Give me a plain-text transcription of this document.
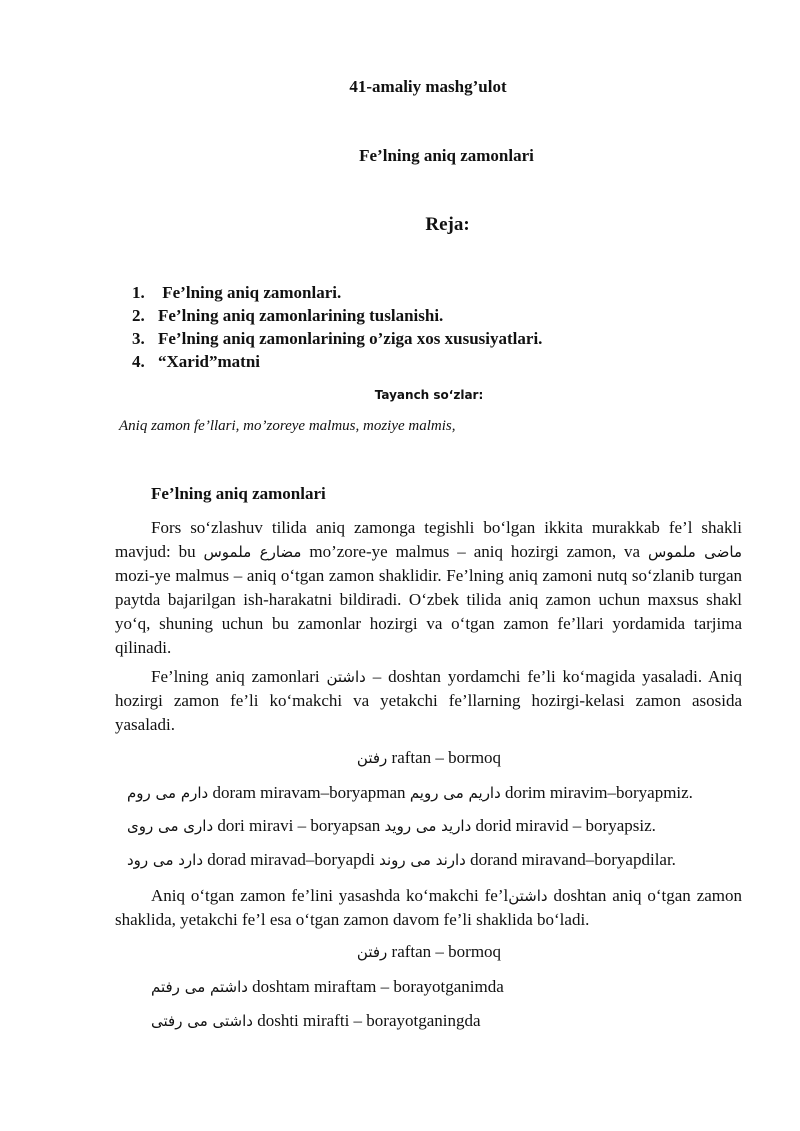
41-amaliy mashg’ulot
Fe’lning aniq zamonlari
Reja:
1. Fe’lning aniq zamonlari.
2. Fe’lning aniq zamonlarining tuslanishi.
3. Fe’lning aniq zamonlarining o’ziga xos xususiyatlari.
4. “Xarid”matni
Tayanch so‘zlar:
Aniq zamon fe’llari, mo’zoreye malmus, moziye malmis,
Fe’lning aniq zamonlari

Fors so‘zlashuv tilida aniq zamonga tegishli bo‘lgan ikkita murakkab fe’l shakli mavjud: bu مضارع ملموس mo’zore-ye malmus – aniq hozirgi zamon, va ماضی ملموس mozi-ye malmus – aniq o‘tgan zamon shaklidir. Fe’lning aniq zamoni nutq so‘zlanib turgan paytda bajarilgan ish-harakatni bildiradi. O‘zbek tilida aniq zamon uchun maxsus shakl yo‘q, shuning uchun bu zamonlar hozirgi va o‘tgan zamon fe’llari yordamida tarjima qilinadi.

Fe’lning aniq zamonlari داشتن – doshtan yordamchi fe’li ko‘magida yasaladi. Aniq hozirgi zamon fe’li ko‘makchi va yetakchi fe’llarning hozirgi-kelasi zamon asosida yasaladi.

رفتن raftan – bormoq
دارم می روم doram miravam–boryapman داریم می رویم dorim miravim–boryapmiz.
داری می روی dori miravi – boryapsan دارید می روید dorid miravid – boryapsiz.
دارد می رود dorad miravad–boryapdi دارند می روند dorand miravand–boryapdilar.

Aniq o‘tgan zamon fe’lini yasashda ko‘makchi fe’lداشتن doshtan aniq o‘tgan zamon shaklida, yetakchi fe’l esa o‘tgan zamon davom fe’li shaklida bo‘ladi.

رفتن raftan – bormoq
داشتم می رفتم doshtam miraftam – borayotganimda
داشتی می رفتی doshti mirafti – borayotganingda
